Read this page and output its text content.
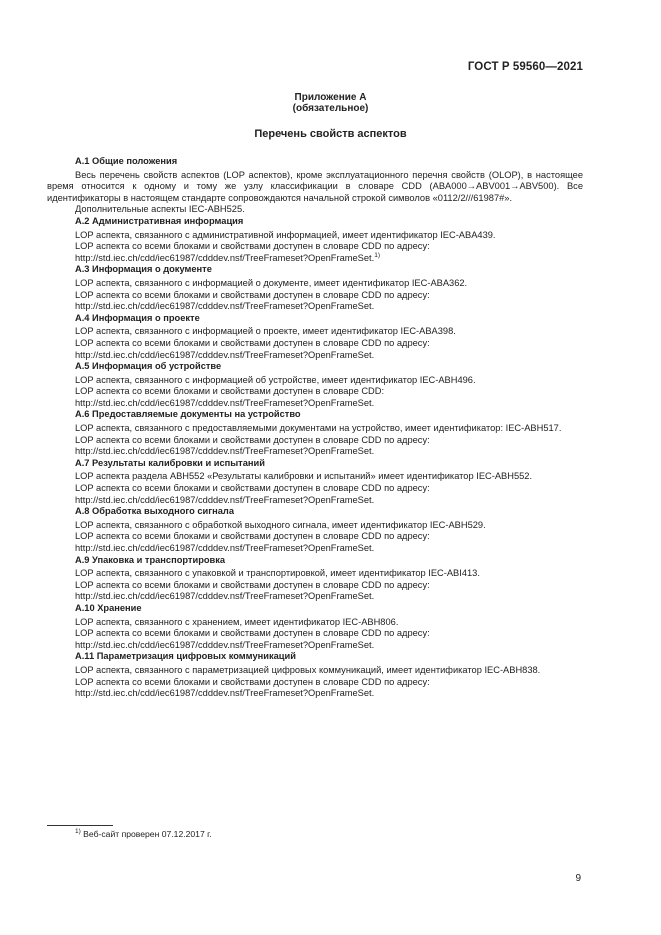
ГОСТ Р 59560—2021
Приложение А
(обязательное)
Перечень свойств аспектов
А.1 Общие положения
Весь перечень свойств аспектов (LOP аспектов), кроме эксплуатационного перечня свойств (OLOP), в настоящее время относится к одному и тому же узлу классификации в словаре CDD (ABA000→ABV001→ABV500). Все идентификаторы в настоящем стандарте сопровождаются начальной строкой символов «0112/2///61987#».
Дополнительные аспекты IEC-ABH525.
А.2 Административная информация
LOP аспекта, связанного с административной информацией, имеет идентификатор IEC-ABA439.
LOP аспекта со всеми блоками и свойствами доступен в словаре CDD по адресу:
http://std.iec.ch/cdd/iec61987/cdddev.nsf/TreeFrameset?OpenFrameSet.$^{1)}$
А.3 Информация о документе
LOP аспекта, связанного с информацией о документе, имеет идентификатор IEC-ABA362.
LOP аспекта со всеми блоками и свойствами доступен в словаре CDD по адресу:
http://std.iec.ch/cdd/iec61987/cdddev.nsf/TreeFrameset?OpenFrameSet.
А.4 Информация о проекте
LOP аспекта, связанного с информацией о проекте, имеет идентификатор IEC-ABA398.
LOP аспекта со всеми блоками и свойствами доступен в словаре CDD по адресу:
http://std.iec.ch/cdd/iec61987/cdddev.nsf/TreeFrameset?OpenFrameSet.
А.5 Информация об устройстве
LOP аспекта, связанного с информацией об устройстве, имеет идентификатор IEC-ABH496.
LOP аспекта со всеми блоками и свойствами доступен в словаре CDD:
http://std.iec.ch/cdd/iec61987/cdddev.nsf/TreeFrameset?OpenFrameSet.
А.6 Предоставляемые документы на устройство
LOP аспекта, связанного с предоставляемыми документами на устройство, имеет идентификатор: IEC-ABH517.
LOP аспекта со всеми блоками и свойствами доступен в словаре CDD по адресу:
http://std.iec.ch/cdd/iec61987/cdddev.nsf/TreeFrameset?OpenFrameSet.
А.7 Результаты калибровки и испытаний
LOP аспекта раздела ABH552 «Результаты калибровки и испытаний» имеет идентификатор IEC-ABH552.
LOP аспекта со всеми блоками и свойствами доступен в словаре CDD по адресу:
http://std.iec.ch/cdd/iec61987/cdddev.nsf/TreeFrameset?OpenFrameSet.
А.8 Обработка выходного сигнала
LOP аспекта, связанного с обработкой выходного сигнала, имеет идентификатор IEC-ABH529.
LOP аспекта со всеми блоками и свойствами доступен в словаре CDD по адресу:
http://std.iec.ch/cdd/iec61987/cdddev.nsf/TreeFrameset?OpenFrameSet.
А.9 Упаковка и транспортировка
LOP аспекта, связанного с упаковкой и транспортировкой, имеет идентификатор IEC-ABI413.
LOP аспекта со всеми блоками и свойствами доступен в словаре CDD по адресу:
http://std.iec.ch/cdd/iec61987/cdddev.nsf/TreeFrameset?OpenFrameSet.
А.10 Хранение
LOP аспекта, связанного с хранением, имеет идентификатор IEC-ABH806.
LOP аспекта со всеми блоками и свойствами доступен в словаре CDD по адресу:
http://std.iec.ch/cdd/iec61987/cdddev.nsf/TreeFrameset?OpenFrameSet.
А.11 Параметризация цифровых коммуникаций
LOP аспекта, связанного с параметризацией цифровых коммуникаций, имеет идентификатор IEC-ABH838.
LOP аспекта со всеми блоками и свойствами доступен в словаре CDD по адресу:
http://std.iec.ch/cdd/iec61987/cdddev.nsf/TreeFrameset?OpenFrameSet.
$^{1)}$ Веб-сайт проверен 07.12.2017 г.
9
